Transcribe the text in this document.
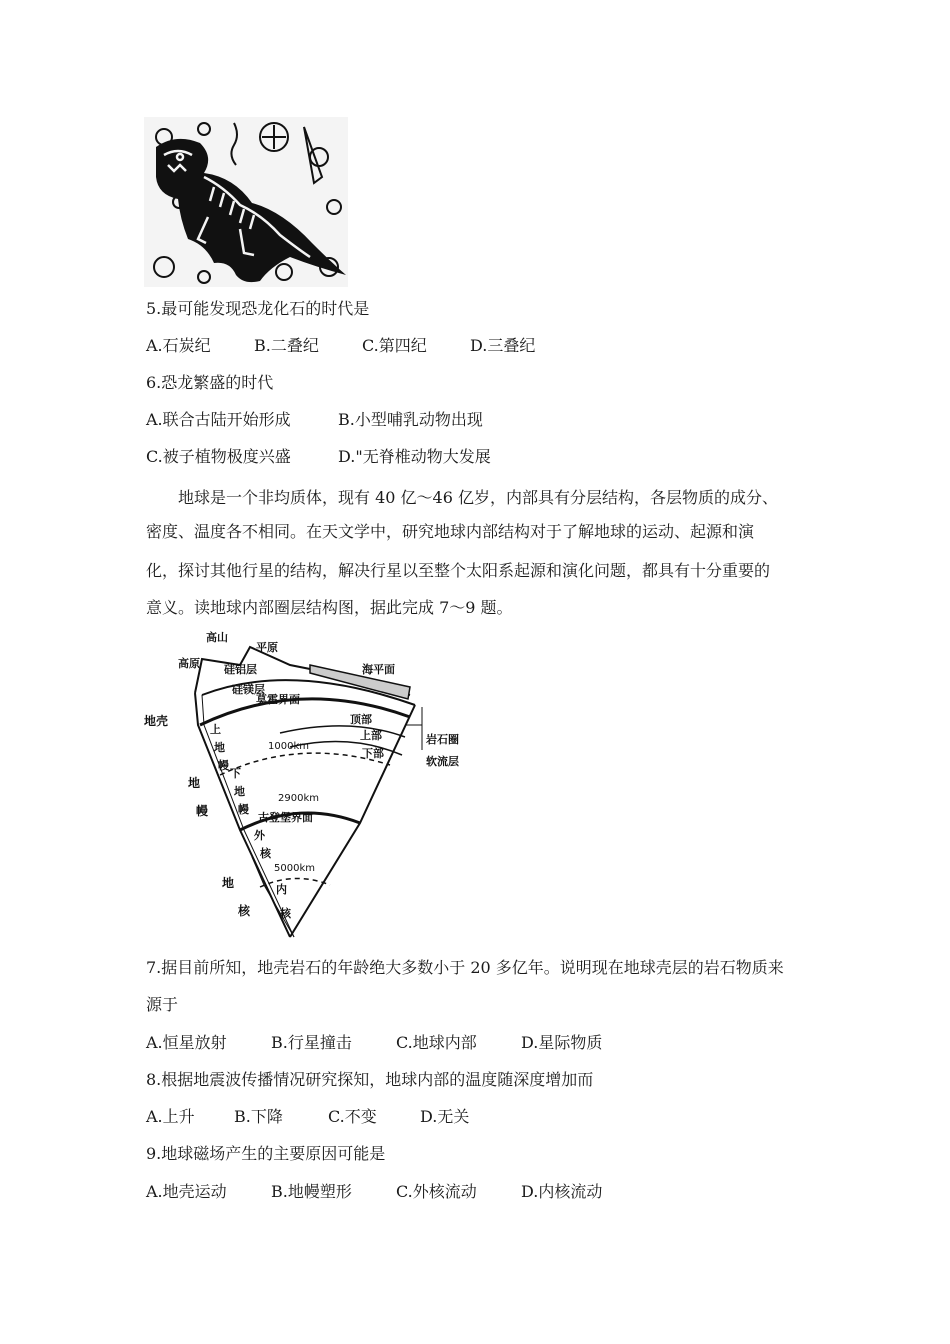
5.最可能发现恐龙化石的时代是
A.石炭纪	B.二叠纪	C.第四纪	D.三叠纪
6.恐龙繁盛的时代
A.联合古陆开始形成	B.小型哺乳动物出现
C.被子植物极度兴盛	D."无脊椎动物大发展
地球是一个非均质体，现有 40 亿～46 亿岁，内部具有分层结构，各层物质的成分、
密度、温度各不相同。在天文学中，研究地球内部结构对于了解地球的运动、起源和演
化，探讨其他行星的结构，解决行星以至整个太阳系起源和演化问题，都具有十分重要的
意义。读地球内部圈层结构图，据此完成 7～9 题。
高山
平原
高原 硅铝层	海平面
硅镁层
莫霍界面
地壳	顶部
上部
下部
岩石圈
软流层
上
地
幔
1000km
地
幔
下
地
幔
2900km
古登堡界面
外
核
5000km
地
核
内
核
7.据目前所知，地壳岩石的年龄绝大多数小于 20 多亿年。说明现在地球壳层的岩石物质来
源于
A.恒星放射	B.行星撞击	C.地球内部	D.星际物质
8.根据地震波传播情况研究探知，地球内部的温度随深度增加而
A.上升 B.下降	C.不变	D.无关
9.地球磁场产生的主要原因可能是
A.地壳运动	B.地幔塑形	C.外核流动	D.内核流动
